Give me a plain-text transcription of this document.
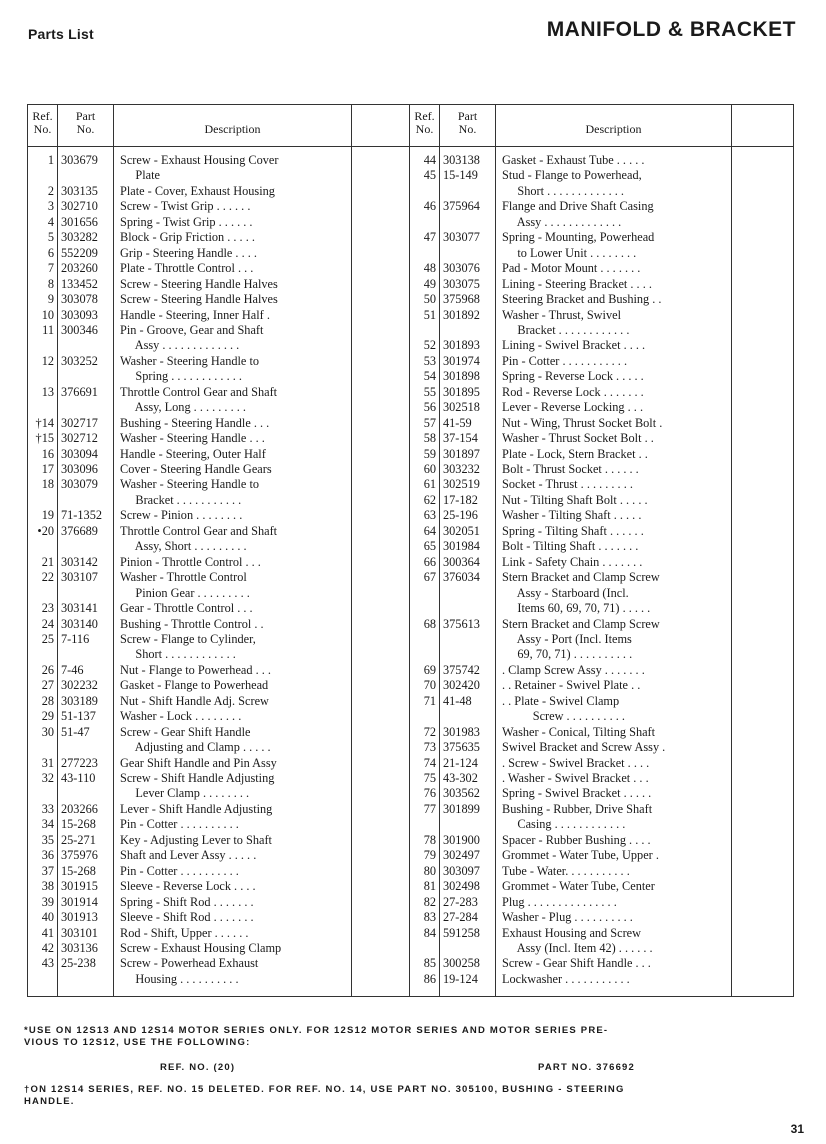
Parts List	MANIFOLD & BRACKET
Ref.
No.
Part
No.	Description
Ref.
No.
Part
No.	Description
1 303679 Screw - Exhaust Housing Cover
Plate
2 303135 Plate - Cover, Exhaust Housing
3 302710 Screw - Twist Grip . . . . . .
4 301656 Spring - Twist Grip . . . . . .
5 303282 Block - Grip Friction . . . . .
6 552209 Grip - Steering Handle . . . .
7 203260 Plate - Throttle Control . . .
8 133452 Screw - Steering Handle Halves
9 303078 Screw - Steering Handle Halves
10 303093 Handle - Steering, Inner Half .
11 300346 Pin - Groove, Gear and Shaft
Assy . . . . . . . . . . . . .
12 303252 Washer - Steering Handle to
Spring . . . . . . . . . . . .
13 376691 Throttle Control Gear and Shaft
Assy, Long . . . . . . . . .
†14 302717 Bushing - Steering Handle . . .
†15 302712 Washer - Steering Handle . . .
16 303094 Handle - Steering, Outer Half
17 303096 Cover - Steering Handle Gears
18 303079 Washer - Steering Handle to
Bracket . . . . . . . . . . .
19 71-1352 Screw - Pinion . . . . . . . .
•20 376689 Throttle Control Gear and Shaft
Assy, Short . . . . . . . . .
21 303142 Pinion - Throttle Control . . .
22 303107 Washer - Throttle Control
Pinion Gear . . . . . . . . .
23 303141 Gear - Throttle Control . . .
24 303140 Bushing - Throttle Control . .
25 7-116	Screw - Flange to Cylinder,
Short . . . . . . . . . . . .
26 7-46	Nut - Flange to Powerhead . . .
27 302232 Gasket - Flange to Powerhead
28 303189 Nut - Shift Handle Adj. Screw
29 51-137 Washer - Lock . . . . . . . .
30 51-47 Screw - Gear Shift Handle
Adjusting and Clamp . . . . .
31 277223 Gear Shift Handle and Pin Assy
32 43-110 Screw - Shift Handle Adjusting
Lever Clamp . . . . . . . .
33 203266 Lever - Shift Handle Adjusting
34 15-268 Pin - Cotter . . . . . . . . . .
35 25-271 Key - Adjusting Lever to Shaft
36 375976 Shaft and Lever Assy . . . . .
37 15-268 Pin - Cotter . . . . . . . . . .
38 301915 Sleeve - Reverse Lock . . . .
39 301914 Spring - Shift Rod . . . . . . .
40 301913 Sleeve - Shift Rod . . . . . . .
41 303101 Rod - Shift, Upper . . . . . .
42 303136 Screw - Exhaust Housing Clamp
43 25-238 Screw - Powerhead Exhaust
Housing . . . . . . . . . .
44 303138 Gasket - Exhaust Tube . . . . .
45 15-149 Stud - Flange to Powerhead,
Short . . . . . . . . . . . . .
46 375964 Flange and Drive Shaft Casing
Assy . . . . . . . . . . . . .
47 303077 Spring - Mounting, Powerhead
to Lower Unit . . . . . . . .
48 303076 Pad - Motor Mount . . . . . . .
49 303075 Lining - Steering Bracket . . . .
50 375968 Steering Bracket and Bushing . .
51 301892 Washer - Thrust, Swivel
Bracket . . . . . . . . . . . .
52 301893 Lining - Swivel Bracket . . . .
53 301974 Pin - Cotter . . . . . . . . . . .
54 301898 Spring - Reverse Lock . . . . .
55 301895 Rod - Reverse Lock . . . . . . .
56 302518 Lever - Reverse Locking . . .
57 41-59 Nut - Wing, Thrust Socket Bolt .
58 37-154 Washer - Thrust Socket Bolt . .
59 301897 Plate - Lock, Stern Bracket . .
60 303232 Bolt - Thrust Socket . . . . . .
61 302519 Socket - Thrust . . . . . . . . .
62 17-182 Nut - Tilting Shaft Bolt . . . . .
63 25-196 Washer - Tilting Shaft . . . . .
64 302051 Spring - Tilting Shaft . . . . . .
65 301984 Bolt - Tilting Shaft . . . . . . .
66 300364 Link - Safety Chain . . . . . . .
67 376034 Stern Bracket and Clamp Screw
Assy - Starboard (Incl.
Items 60, 69, 70, 71) . . . . .
68 375613 Stern Bracket and Clamp Screw
Assy - Port (Incl. Items
69, 70, 71) . . . . . . . . . .
69 375742 . Clamp Screw Assy . . . . . . .
70 302420 . . Retainer - Swivel Plate . .
71 41-48 . . Plate - Swivel Clamp
Screw . . . . . . . . . .
72 301983 Washer - Conical, Tilting Shaft
73 375635 Swivel Bracket and Screw Assy .
74 21-124 . Screw - Swivel Bracket . . . .
75 43-302 . Washer - Swivel Bracket . . .
76 303562 Spring - Swivel Bracket . . . . .
77 301899 Bushing - Rubber, Drive Shaft
Casing . . . . . . . . . . . .
78 301900 Spacer - Rubber Bushing . . . .
79 302497 Grommet - Water Tube, Upper .
80 303097 Tube - Water. . . . . . . . . . .
81 302498 Grommet - Water Tube, Center
82 27-283 Plug . . . . . . . . . . . . . . .
83 27-284 Washer - Plug . . . . . . . . . .
84 591258 Exhaust Housing and Screw
Assy (Incl. Item 42) . . . . . .
85 300258 Screw - Gear Shift Handle . . .
86 19-124 Lockwasher . . . . . . . . . . .
*USE ON 12S13 AND 12S14 MOTOR SERIES ONLY. FOR 12S12 MOTOR SERIES AND MOTOR SERIES PRE-
VIOUS TO 12S12, USE THE FOLLOWING:
REF. NO. (20)	PART NO. 376692
†ON 12S14 SERIES, REF. NO. 15 DELETED. FOR REF. NO. 14, USE PART NO. 305100, BUSHING - STEERING
HANDLE.
31
